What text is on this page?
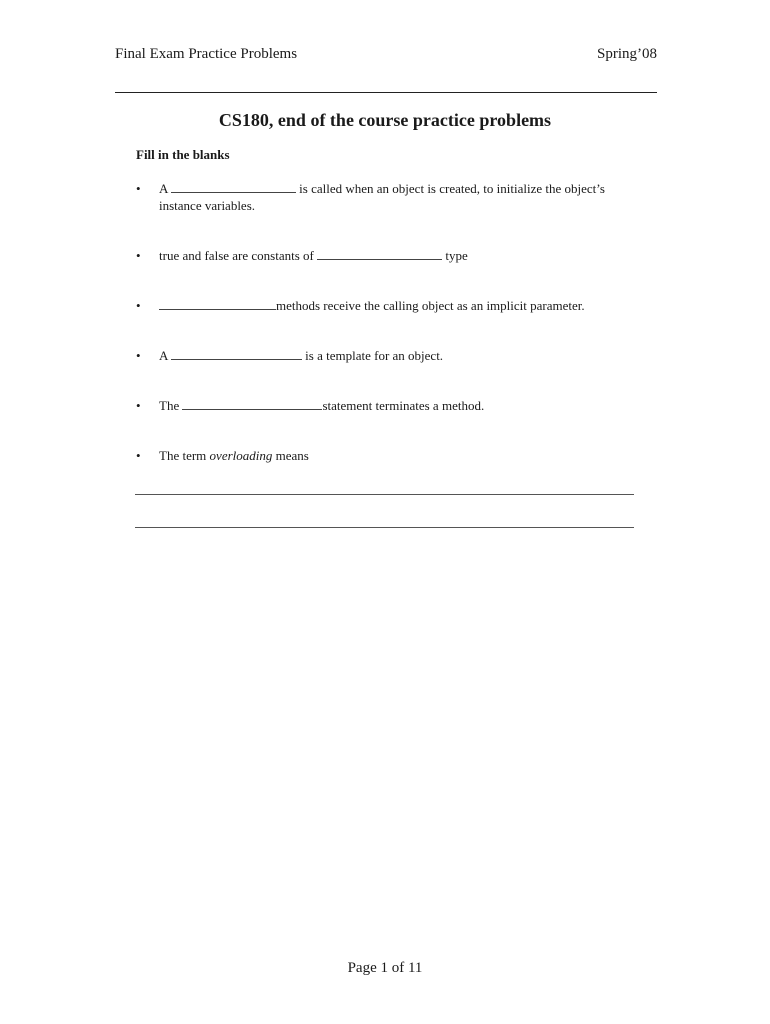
Final Exam Practice Problems	Spring’08
CS180, end of the course practice problems
Fill in the blanks
• A	is called when an object is created, to initialize the object’s
instance variables.
• true and false are constants of	type
•	methods receive the calling object as an implicit parameter.
• A	is a template for an object.
• The	statement terminates a method.
• The term overloading means
Page 1 of 11
